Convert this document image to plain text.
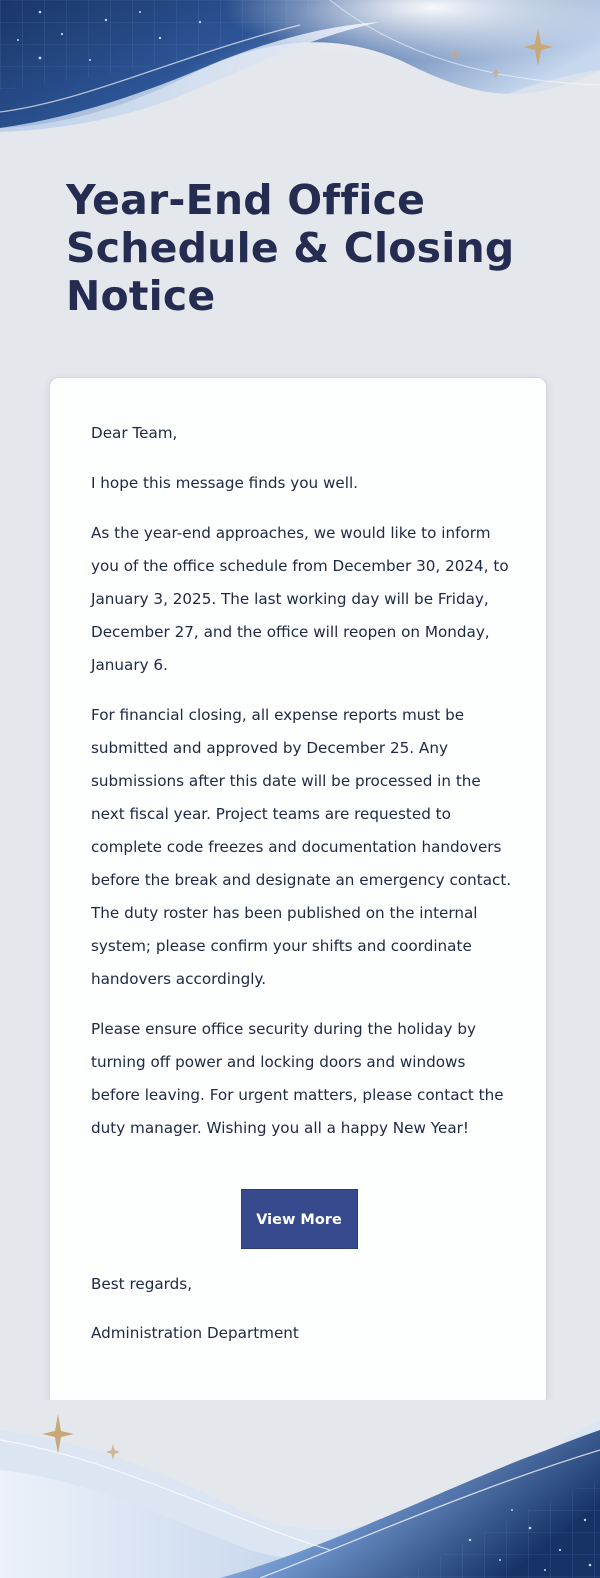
Year-End Office Schedule & Closing Notice

Dear Team,

I hope this message finds you well.

As the year-end approaches, we would like to inform you of the office schedule from December 30, 2024, to January 3, 2025. The last working day will be Friday, December 27, and the office will reopen on Monday, January 6.

For financial closing, all expense reports must be submitted and approved by December 25. Any submissions after this date will be processed in the next fiscal year. Project teams are requested to complete code freezes and documentation handovers before the break and designate an emergency contact. The duty roster has been published on the internal system; please confirm your shifts and coordinate handovers accordingly.

Please ensure office security during the holiday by turning off power and locking doors and windows before leaving. For urgent matters, please contact the duty manager. Wishing you all a happy New Year!

View More

Best regards,

Administration Department
